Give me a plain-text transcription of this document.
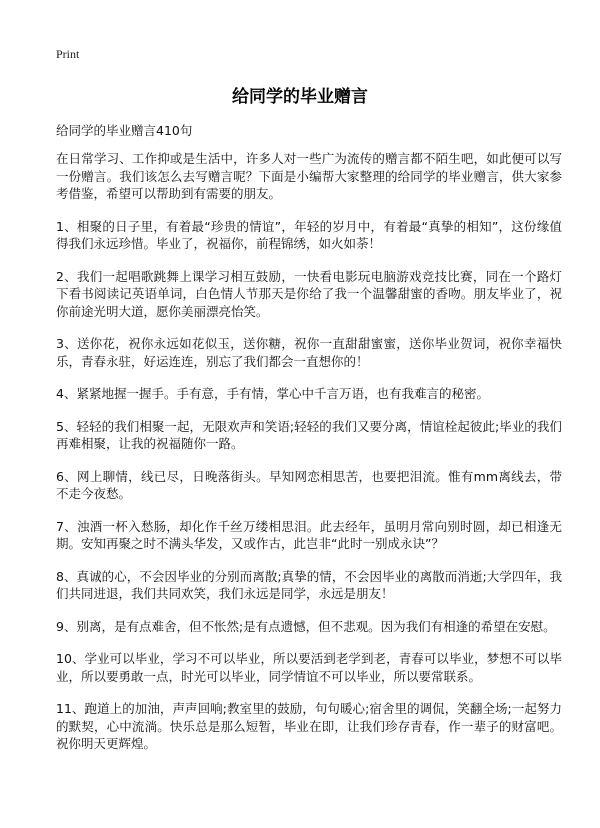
Print
给同学的毕业赠言

给同学的毕业赠言410句

在日常学习、工作抑或是生活中，许多人对一些广为流传的赠言都不陌生吧，如此便可以写一份赠言。我们该怎么去写赠言呢？下面是小编帮大家整理的给同学的毕业赠言，供大家参考借鉴，希望可以帮助到有需要的朋友。

1、相聚的日子里，有着最“珍贵的情谊”，年轻的岁月中，有着最“真挚的相知”，这份缘值得我们永远珍惜。毕业了，祝福你，前程锦绣，如火如荼！

2、我们一起唱歌跳舞上课学习相互鼓励，一快看电影玩电脑游戏竞技比赛，同在一个路灯下看书阅读记英语单词，白色情人节那天是你给了我一个温馨甜蜜的香吻。朋友毕业了，祝你前途光明大道，愿你美丽漂亮怡笑。

3、送你花，祝你永远如花似玉，送你糖，祝你一直甜甜蜜蜜，送你毕业贺词，祝你幸福快乐，青春永驻，好运连连，别忘了我们都会一直想你的！

4、紧紧地握一握手。手有意，手有情，掌心中千言万语，也有我难言的秘密。

5、轻轻的我们相聚一起，无限欢声和笑语;轻轻的我们又要分离，情谊栓起彼此;毕业的我们再难相聚，让我的祝福随你一路。

6、网上聊情，线已尽，日晚落街头。早知网恋相思苦，也要把泪流。惟有mm离线去，带不走今夜愁。

7、浊酒一杯入愁肠，却化作千丝万缕相思泪。此去经年，虽明月常向别时圆，却已相逢无期。安知再聚之时不满头华发，又或作古，此岂非“此时一别成永诀”？

8、真诚的心，不会因毕业的分别而离散;真挚的情，不会因毕业的离散而消逝;大学四年，我们共同进退，我们共同欢笑，我们永远是同学，永远是朋友！

9、别离，是有点难舍，但不怅然;是有点遗憾，但不悲观。因为我们有相逢的希望在安慰。

10、学业可以毕业，学习不可以毕业，所以要活到老学到老，青春可以毕业，梦想不可以毕业，所以要勇敢一点，时光可以毕业，同学情谊不可以毕业，所以要常联系。

11、跑道上的加油，声声回响;教室里的鼓励，句句暖心;宿舍里的调侃，笑翻全场;一起努力的默契，心中流淌。快乐总是那么短暂，毕业在即，让我们珍存青春，作一辈子的财富吧。祝你明天更辉煌。
